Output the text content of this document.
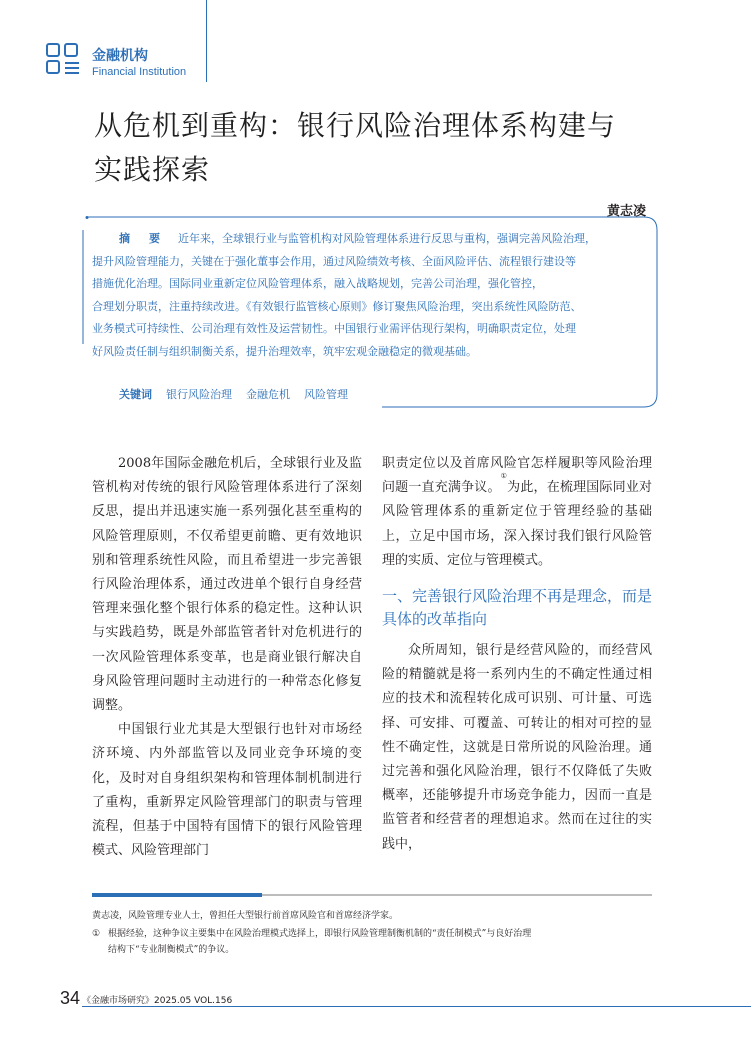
金融机构
Financial Institution
从危机到重构：银行风险治理体系构建与
实践探索
黄志凌
摘　要 近年来，全球银行业与监管机构对风险管理体系进行反思与重构，强调完善风险治理，
提升风险管理能力，关键在于强化董事会作用，通过风险绩效考核、全面风险评估、流程银行建设等
措施优化治理。国际同业重新定位风险管理体系，融入战略规划，完善公司治理，强化管控，
合理划分职责，注重持续改进。《有效银行监管核心原则》修订聚焦风险治理，突出系统性风险防范、
业务模式可持续性、公司治理有效性及运营韧性。中国银行业需评估现行架构，明确职责定位，处理
好风险责任制与组织制衡关系，提升治理效率，筑牢宏观金融稳定的微观基础。
关键词 银行风险治理 金融危机 风险管理

2008年国际金融危机后，全球银行业及监管机构对传统的银行风险管理体系进行了深刻反思，提出并迅速实施一系列强化甚至重构的风险管理原则，不仅希望更前瞻、更有效地识别和管理系统性风险，而且希望进一步完善银行风险治理体系，通过改进单个银行自身经营管理来强化整个银行体系的稳定性。这种认识与实践趋势，既是外部监管者针对危机进行的一次风险管理体系变革，也是商业银行解决自身风险管理问题时主动进行的一种常态化修复调整。

中国银行业尤其是大型银行也针对市场经济环境、内外部监管以及同业竞争环境的变化，及时对自身组织架构和管理体制机制进行了重构，重新界定风险管理部门的职责与管理流程，但基于中国特有国情下的银行风险管理模式、风险管理部门

职责定位以及首席风险官怎样履职等风险治理问题一直充满争议。①为此，在梳理国际同业对风险管理体系的重新定位于管理经验的基础上，立足中国市场，深入探讨我们银行风险管理的实质、定位与管理模式。

一、完善银行风险治理不再是理念，而是具体的改革指向

众所周知，银行是经营风险的，而经营风险的精髓就是将一系列内生的不确定性通过相应的技术和流程转化成可识别、可计量、可选择、可安排、可覆盖、可转让的相对可控的显性不确定性，这就是日常所说的风险治理。通过完善和强化风险治理，银行不仅降低了失败概率，还能够提升市场竞争能力，因而一直是监管者和经营者的理想追求。然而在过往的实践中，

黄志凌，风险管理专业人士，曾担任大型银行前首席风险官和首席经济学家。
① 根据经验，这种争议主要集中在风险治理模式选择上，即银行风险管理制衡机制的“责任制模式”与良好治理
结构下“专业制衡模式”的争议。
34 《金融市场研究》2025.05 VOL.156
